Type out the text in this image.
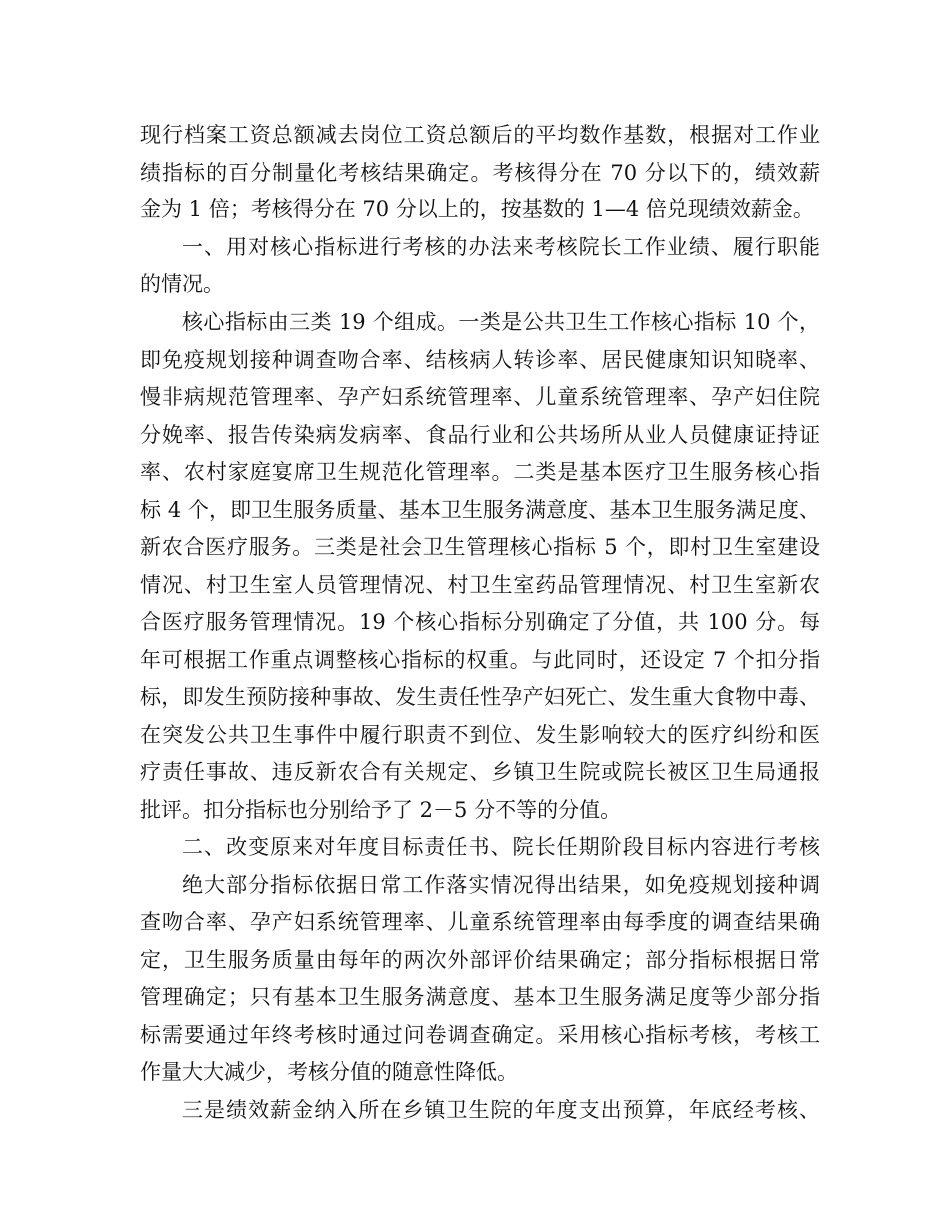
现行档案工资总额减去岗位工资总额后的平均数作基数，根据对工作业
绩指标的百分制量化考核结果确定。考核得分在 70 分以下的，绩效薪
金为 1 倍；考核得分在 70 分以上的，按基数的 1—4 倍兑现绩效薪金。
一、用对核心指标进行考核的办法来考核院长工作业绩、履行职能
的情况。
核心指标由三类 19 个组成。一类是公共卫生工作核心指标 10 个，
即免疫规划接种调查吻合率、结核病人转诊率、居民健康知识知晓率、
慢非病规范管理率、孕产妇系统管理率、儿童系统管理率、孕产妇住院
分娩率、报告传染病发病率、食品行业和公共场所从业人员健康证持证
率、农村家庭宴席卫生规范化管理率。二类是基本医疗卫生服务核心指
标 4 个，即卫生服务质量、基本卫生服务满意度、基本卫生服务满足度、
新农合医疗服务。三类是社会卫生管理核心指标 5 个，即村卫生室建设
情况、村卫生室人员管理情况、村卫生室药品管理情况、村卫生室新农
合医疗服务管理情况。19 个核心指标分别确定了分值，共 100 分。每
年可根据工作重点调整核心指标的权重。与此同时，还设定 7 个扣分指
标，即发生预防接种事故、发生责任性孕产妇死亡、发生重大食物中毒、
在突发公共卫生事件中履行职责不到位、发生影响较大的医疗纠纷和医
疗责任事故、违反新农合有关规定、乡镇卫生院或院长被区卫生局通报
批评。扣分指标也分别给予了 2－5 分不等的分值。
二、改变原来对年度目标责任书、院长任期阶段目标内容进行考核
绝大部分指标依据日常工作落实情况得出结果，如免疫规划接种调
查吻合率、孕产妇系统管理率、儿童系统管理率由每季度的调查结果确
定，卫生服务质量由每年的两次外部评价结果确定；部分指标根据日常
管理确定；只有基本卫生服务满意度、基本卫生服务满足度等少部分指
标需要通过年终考核时通过问卷调查确定。采用核心指标考核，考核工
作量大大减少，考核分值的随意性降低。
三是绩效薪金纳入所在乡镇卫生院的年度支出预算，年底经考核、
